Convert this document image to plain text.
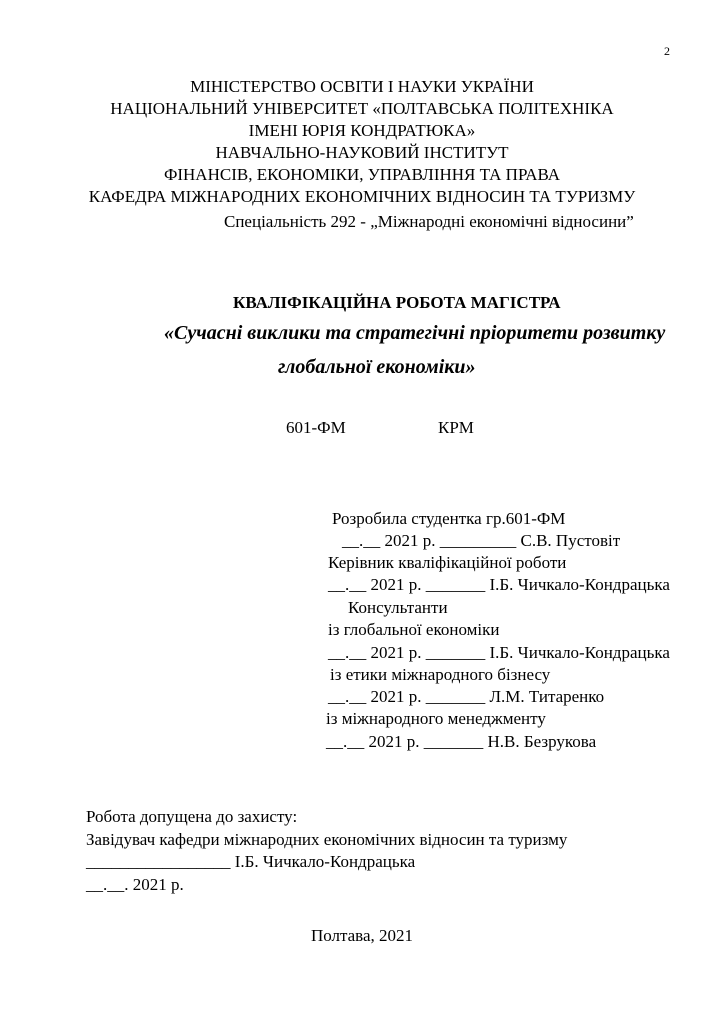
2
МІНІСТЕРСТВО ОСВІТИ І НАУКИ УКРАЇНИ
НАЦІОНАЛЬНИЙ УНІВЕРСИТЕТ «ПОЛТАВСЬКА ПОЛІТЕХНІКА
ІМЕНІ ЮРІЯ КОНДРАТЮКА»
НАВЧАЛЬНО-НАУКОВИЙ ІНСТИТУТ
ФІНАНСІВ, ЕКОНОМІКИ, УПРАВЛІННЯ ТА ПРАВА
КАФЕДРА МІЖНАРОДНИХ ЕКОНОМІЧНИХ ВІДНОСИН ТА ТУРИЗМУ
Спеціальність 292 - „Міжнародні економічні відносини”
КВАЛІФІКАЦІЙНА РОБОТА МАГІСТРА
«Сучасні виклики та стратегічні пріоритети розвитку
глобальної економіки»
601-ФМ	КРМ
Розробила студентка гр.601-ФМ
__.__ 2021 р. _________ С.В. Пустовіт
Керівник кваліфікаційної роботи
__.__ 2021 р. _______ І.Б. Чичкало-Кондрацька
Консультанти
із глобальної економіки
__.__ 2021 р. _______ І.Б. Чичкало-Кондрацька
із етики міжнародного бізнесу
__.__ 2021 р. _______ Л.М. Титаренко
із міжнародного менеджменту
__.__ 2021 р. _______ Н.В. Безрукова
Робота допущена до захисту:
Завідувач кафедри міжнародних економічних відносин та туризму
_________________ І.Б. Чичкало-Кондрацька
__.__. 2021 р.
Полтава, 2021
